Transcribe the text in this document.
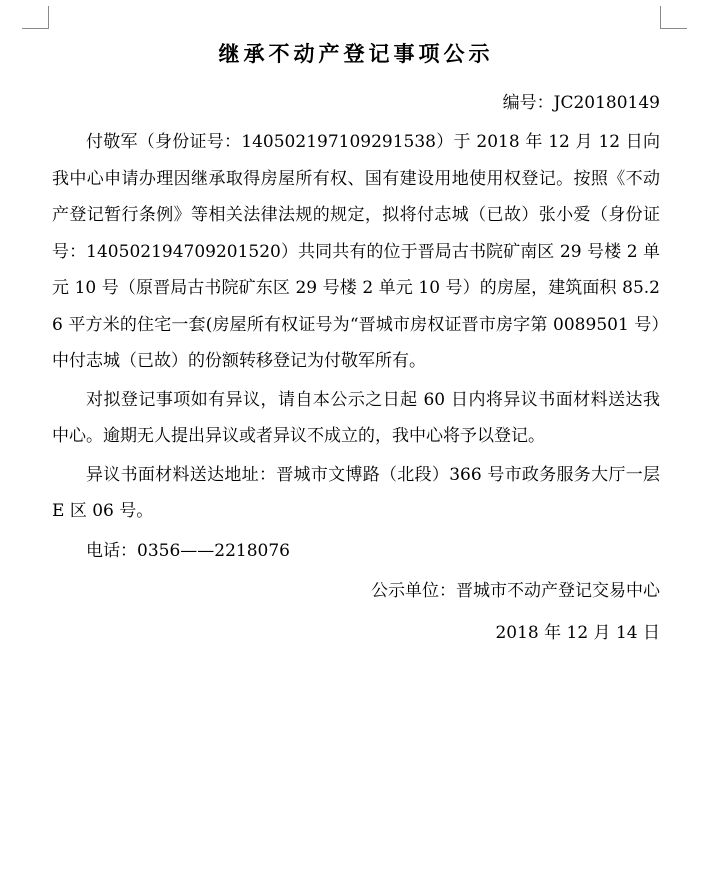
继承不动产登记事项公示
编号：JC20180149

付敬军（身份证号：140502197109291538）于 2018 年 12 月 12 日向我中心申请办理因继承取得房屋所有权、国有建设用地使用权登记。按照《不动产登记暂行条例》等相关法律法规的规定，拟将付志城（已故）张小爱（身份证号：140502194709201520）共同共有的位于晋局古书院矿南区 29 号楼 2 单元 10 号（原晋局古书院矿东区 29 号楼 2 单元 10 号）的房屋，建筑面积 85.26 平方米的住宅一套(房屋所有权证号为“晋城市房权证晋市房字第 0089501 号）中付志城（已故）的份额转移登记为付敬军所有。

对拟登记事项如有异议，请自本公示之日起 60 日内将异议书面材料送达我中心。逾期无人提出异议或者异议不成立的，我中心将予以登记。

异议书面材料送达地址：晋城市文博路（北段）366 号市政务服务大厅一层 E 区 06 号。

电话：0356——2218076

公示单位：晋城市不动产登记交易中心

2018 年 12 月 14 日
